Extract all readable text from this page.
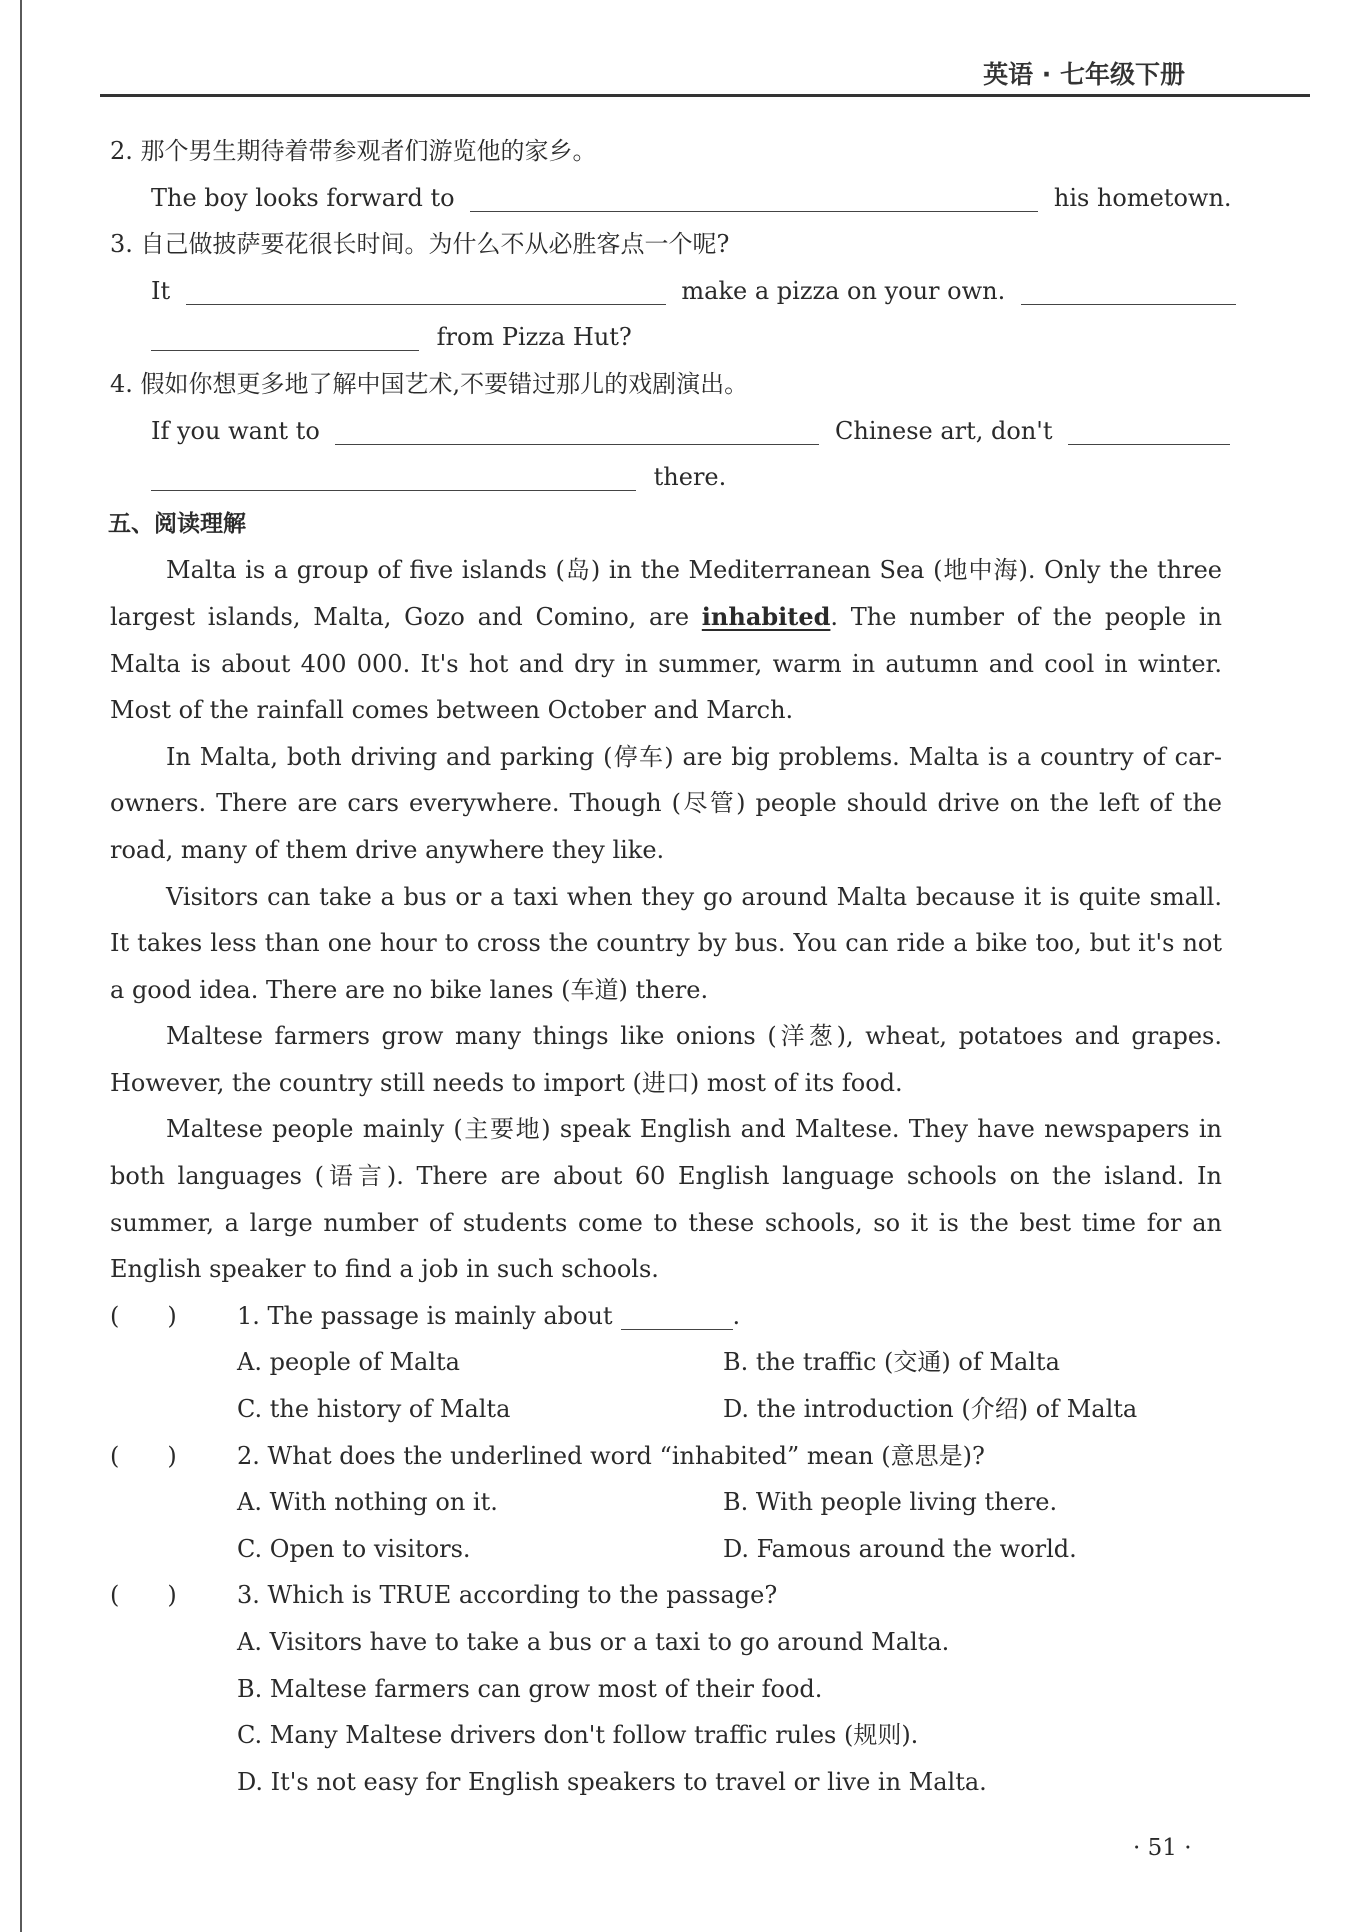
英语 · 七年级下册
2. 那个男生期待着带参观者们游览他的家乡。
The boy looks forward to	his hometown.
3. 自己做披萨要花很长时间。为什么不从必胜客点一个呢?
It	make a pizza on your own.
from Pizza Hut?
4. 假如你想更多地了解中国艺术,不要错过那儿的戏剧演出。
If you want to	Chinese art, don't
there.
五、阅读理解

Malta is a group of five islands (岛) in the Mediterranean Sea (地中海). Only the three largest islands, Malta, Gozo and Comino, are inhabited. The number of the people in Malta is about 400 000. It's hot and dry in summer, warm in autumn and cool in winter. Most of the rainfall comes between October and March.

In Malta, both driving and parking (停车) are big problems. Malta is a country of car-owners. There are cars everywhere. Though (尽管) people should drive on the left of the road, many of them drive anywhere they like.

Visitors can take a bus or a taxi when they go around Malta because it is quite small. It takes less than one hour to cross the country by bus. You can ride a bike too, but it's not a good idea. There are no bike lanes (车道) there.

Maltese farmers grow many things like onions (洋葱), wheat, potatoes and grapes. However, the country still needs to import (进口) most of its food.

Maltese people mainly (主要地) speak English and Maltese. They have newspapers in both languages (语言). There are about 60 English language schools on the island. In summer, a large number of students come to these schools, so it is the best time for an English speaker to find a job in such schools.

(　　)	1. The passage is mainly about	.
A. people of Malta	B. the traffic (交通) of Malta
C. the history of Malta	D. the introduction (介绍) of Malta
(　　)	2. What does the underlined word “inhabited” mean (意思是)?
A. With nothing on it.	B. With people living there.
C. Open to visitors.	D. Famous around the world.
(　　)	3. Which is TRUE according to the passage?
A. Visitors have to take a bus or a taxi to go around Malta.
B. Maltese farmers can grow most of their food.
C. Many Maltese drivers don't follow traffic rules (规则).
D. It's not easy for English speakers to travel or live in Malta.
· 51 ·
